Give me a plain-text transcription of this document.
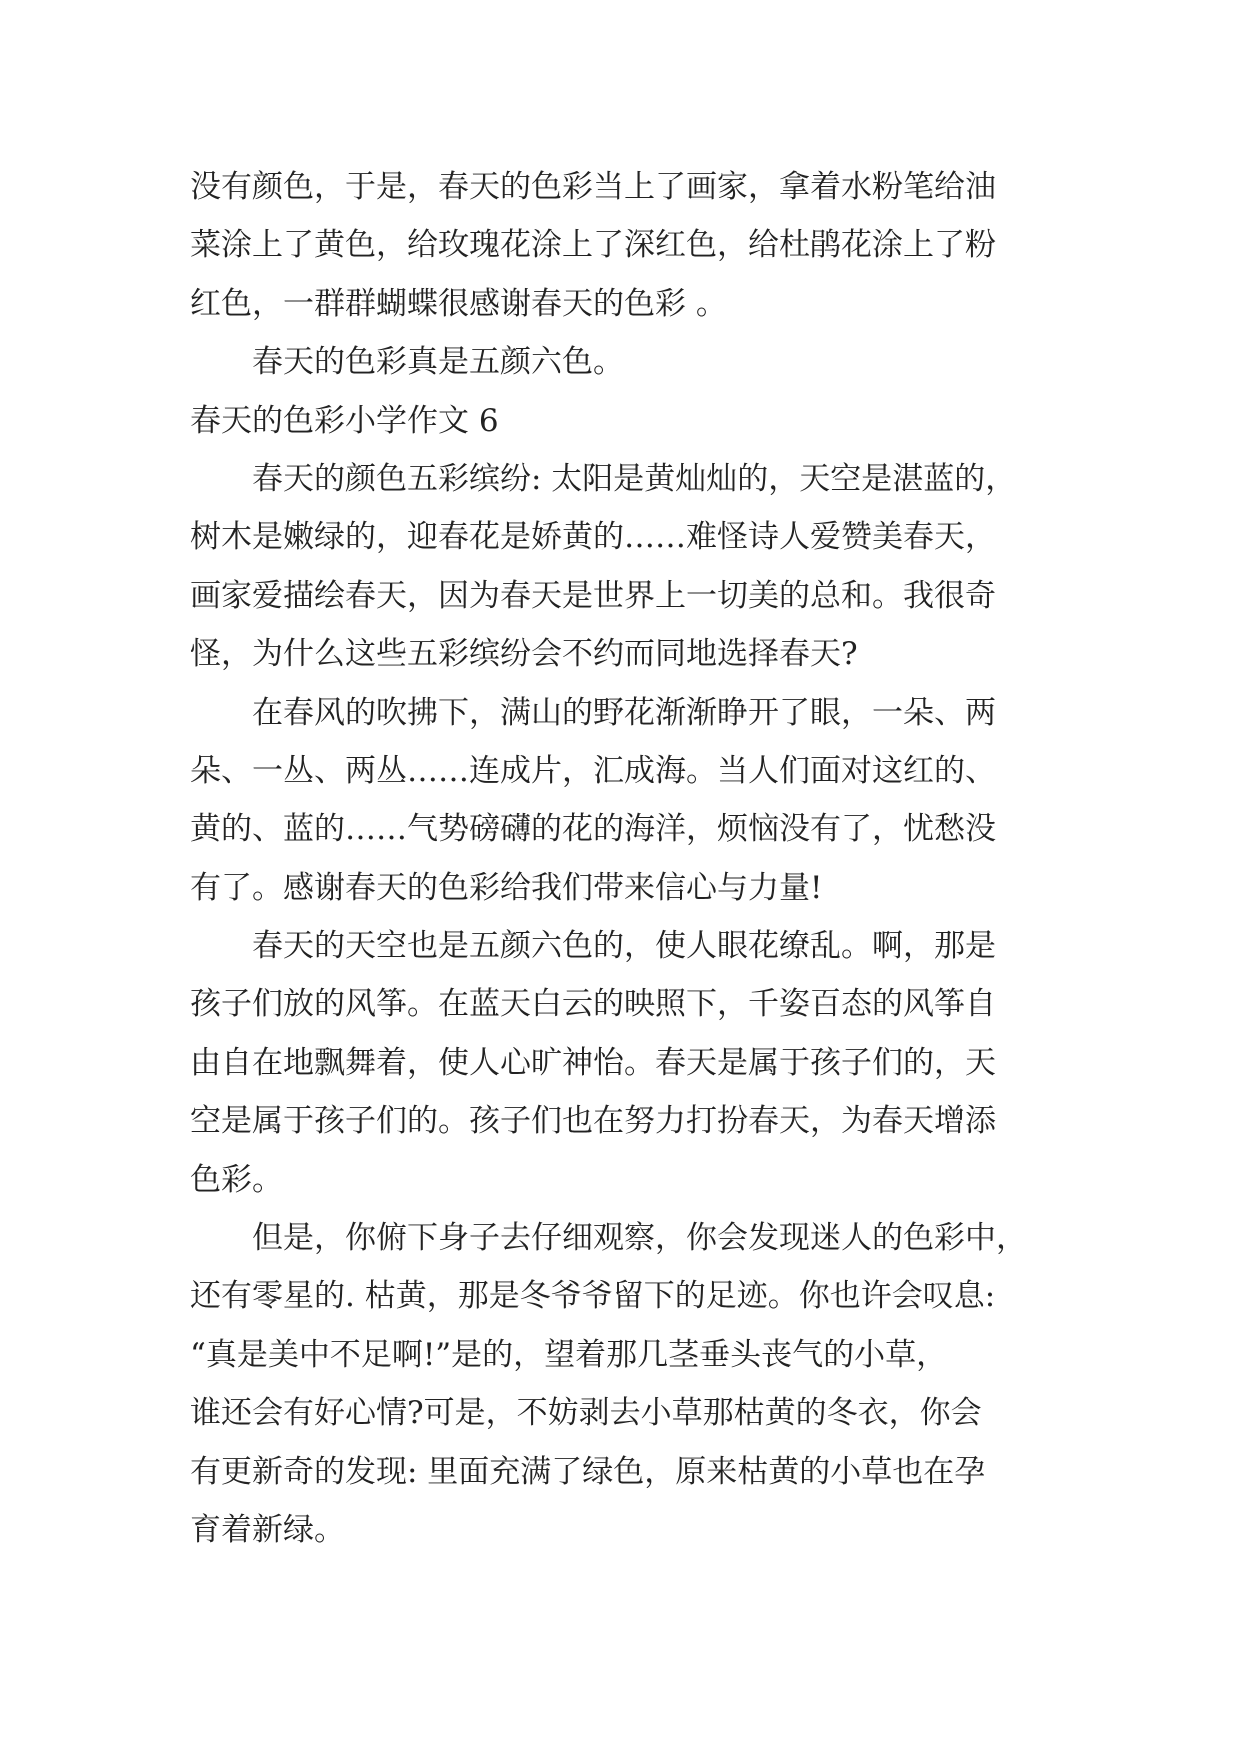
没有颜色，于是，春天的色彩当上了画家，拿着水粉笔给油
菜涂上了黄色，给玫瑰花涂上了深红色，给杜鹃花涂上了粉
红色，一群群蝴蝶很感谢春天的色彩 。
春天的色彩真是五颜六色。
春天的色彩小学作文 6
春天的颜色五彩缤纷: 太阳是黄灿灿的，天空是湛蓝的，
树木是嫩绿的，迎春花是娇黄的……难怪诗人爱赞美春天，
画家爱描绘春天，因为春天是世界上一切美的总和。我很奇
怪，为什么这些五彩缤纷会不约而同地选择春天?
在春风的吹拂下，满山的野花渐渐睁开了眼，一朵、两
朵、一丛、两丛……连成片，汇成海。当人们面对这红的、
黄的、蓝的……气势磅礴的花的海洋，烦恼没有了，忧愁没
有了。感谢春天的色彩给我们带来信心与力量!
春天的天空也是五颜六色的，使人眼花缭乱。啊，那是
孩子们放的风筝。在蓝天白云的映照下，千姿百态的风筝自
由自在地飘舞着，使人心旷神怡。春天是属于孩子们的，天
空是属于孩子们的。孩子们也在努力打扮春天，为春天增添
色彩。
但是，你俯下身子去仔细观察，你会发现迷人的色彩中，
还有零星的. 枯黄，那是冬爷爷留下的足迹。你也许会叹息:
“真是美中不足啊!”是的，望着那几茎垂头丧气的小草，
谁还会有好心情?可是，不妨剥去小草那枯黄的冬衣，你会
有更新奇的发现: 里面充满了绿色，原来枯黄的小草也在孕
育着新绿。
